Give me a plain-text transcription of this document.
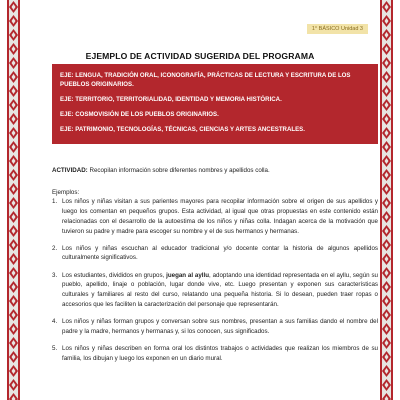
1° BÁSICO Unidad 3
EJEMPLO DE ACTIVIDAD SUGERIDA DEL PROGRAMA
EJE: LENGUA, TRADICIÓN ORAL, ICONOGRAFÍA, PRÁCTICAS DE LECTURA Y ESCRITURA DE LOS
PUEBLOS ORIGINARIOS.
EJE: TERRITORIO, TERRITORIALIDAD, IDENTIDAD Y MEMORIA HISTÓRICA.
EJE: COSMOVISIÓN DE LOS PUEBLOS ORIGINARIOS.
EJE: PATRIMONIO, TECNOLOGÍAS, TÉCNICAS, CIENCIAS Y ARTES ANCESTRALES.

ACTIVIDAD: Recopilan información sobre diferentes nombres y apellidos colla.

Ejemplos:

1. Los niños y niñas visitan a sus parientes mayores para recopilar información sobre el origen de sus apellidos y luego los comentan en pequeños grupos. Esta actividad, al igual que otras propuestas en este contenido están relacionadas con el desarrollo de la autoestima de los niños y niñas colla. Indagan acerca de la motivación que tuvieron su padre y madre para escoger su nombre y el de sus hermanos y hermanas.
2. Los niños y niñas escuchan al educador tradicional y/o docente contar la historia de algunos apellidos culturalmente significativos.
3. Los estudiantes, divididos en grupos, juegan al ayllu, adoptando una identidad representada en el ayllu, según su pueblo, apellido, linaje o población, lugar donde vive, etc. Luego presentan y exponen sus características culturales y familiares al resto del curso, relatando una pequeña historia. Si lo desean, pueden traer ropas o accesorios que les faciliten la caracterización del personaje que representarán.
4. Los niños y niñas forman grupos y conversan sobre sus nombres, presentan a sus familias dando el nombre del padre y la madre, hermanos y hermanas y, si los conocen, sus significados.
5. Los niños y niñas describen en forma oral los distintos trabajos o actividades que realizan los miembros de su familia, los dibujan y luego los exponen en un diario mural.
